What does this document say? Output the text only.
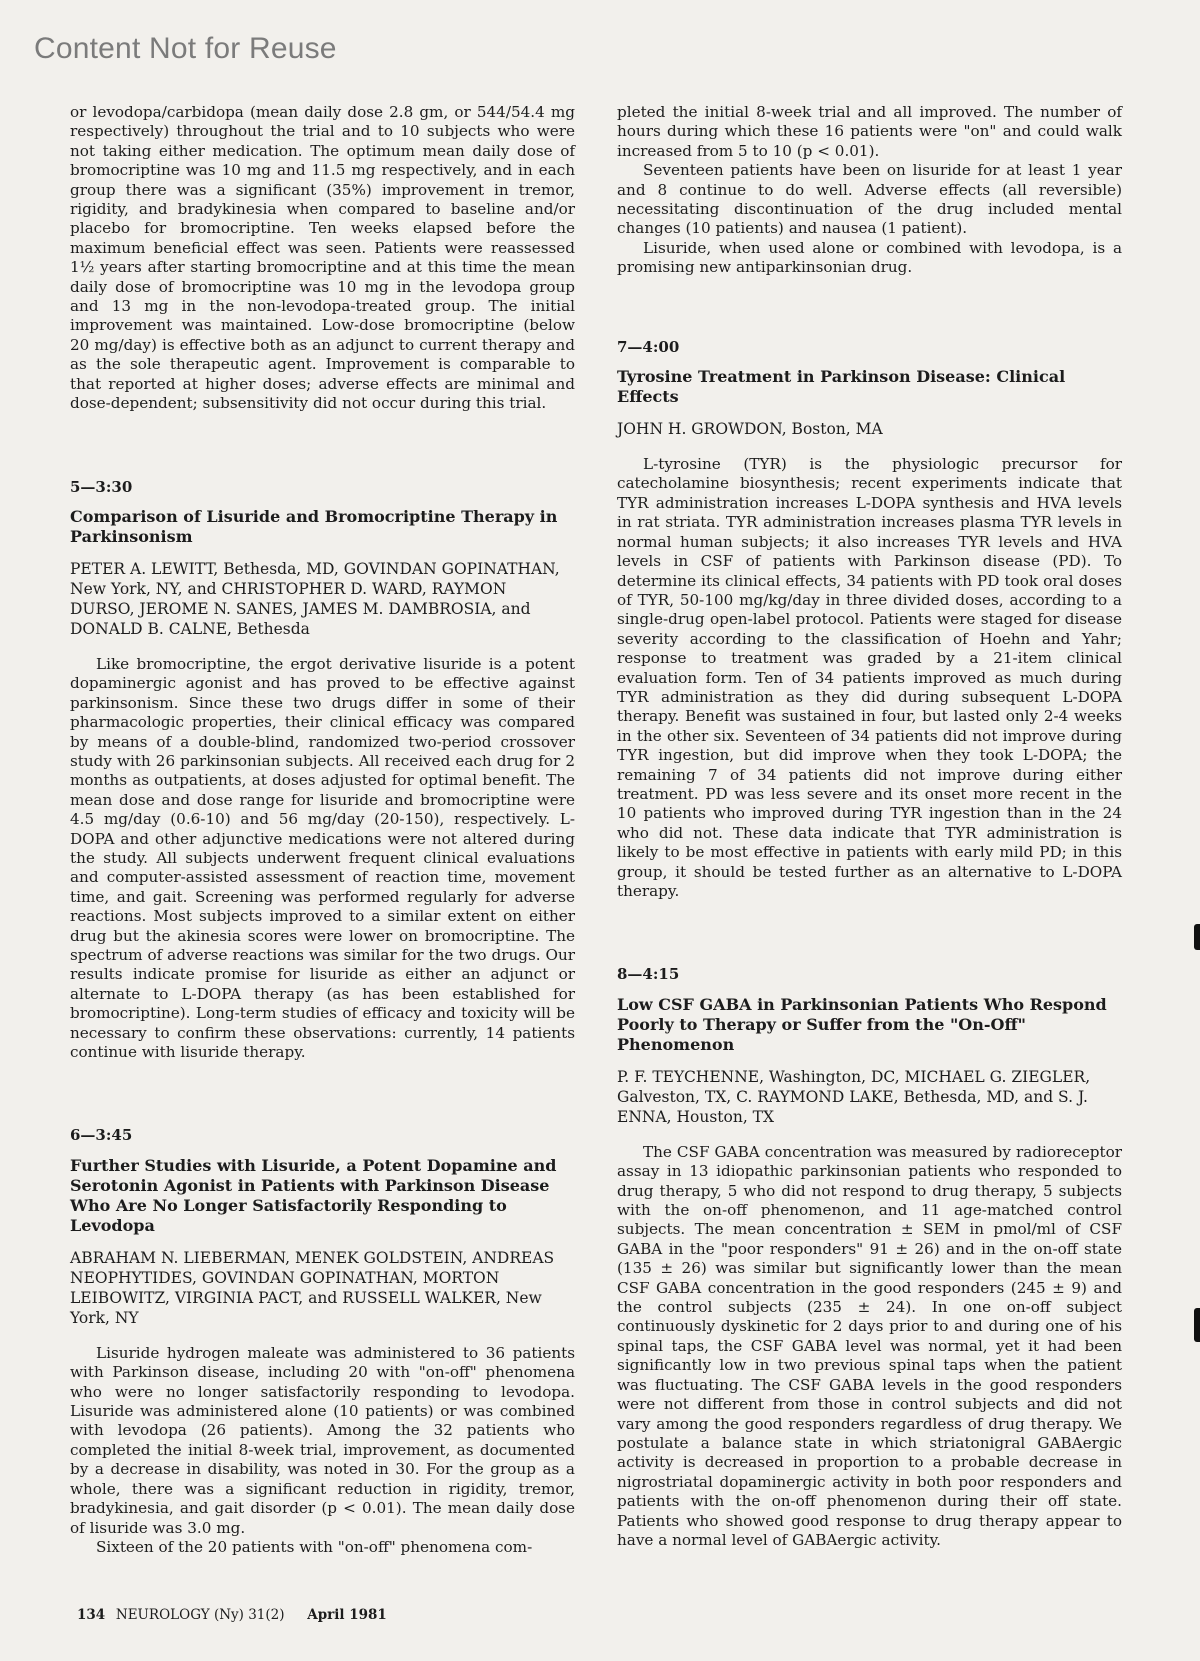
Content Not for Reuse

or levodopa/carbidopa (mean daily dose 2.8 gm, or 544/54.4 mg respectively) throughout the trial and to 10 subjects who were not taking either medication. The optimum mean daily dose of bromocriptine was 10 mg and 11.5 mg respectively, and in each group there was a significant (35%) improvement in tremor, rigidity, and bradykinesia when compared to baseline and/or placebo for bromocriptine. Ten weeks elapsed before the maximum beneficial effect was seen. Patients were reassessed 1½ years after starting bromocriptine and at this time the mean daily dose of bromocriptine was 10 mg in the levodopa group and 13 mg in the non-levodopa-treated group. The initial improvement was maintained. Low-dose bromocriptine (below 20 mg/day) is effective both as an adjunct to current therapy and as the sole therapeutic agent. Improvement is comparable to that reported at higher doses; adverse effects are minimal and dose-dependent; subsensitivity did not occur during this trial.

5—3:30
Comparison of Lisuride and Bromocriptine Therapy in Parkinsonism
PETER A. LEWITT, Bethesda, MD, GOVINDAN GOPINATHAN, New York, NY, and CHRISTOPHER D. WARD, RAYMON DURSO, JEROME N. SANES, JAMES M. DAMBROSIA, and DONALD B. CALNE, Bethesda

Like bromocriptine, the ergot derivative lisuride is a potent dopaminergic agonist and has proved to be effective against parkinsonism. Since these two drugs differ in some of their pharmacologic properties, their clinical efficacy was compared by means of a double-blind, randomized two-period crossover study with 26 parkinsonian subjects. All received each drug for 2 months as outpatients, at doses adjusted for optimal benefit. The mean dose and dose range for lisuride and bromocriptine were 4.5 mg/day (0.6-10) and 56 mg/day (20-150), respectively. L-DOPA and other adjunctive medications were not altered during the study. All subjects underwent frequent clinical evaluations and computer-assisted assessment of reaction time, movement time, and gait. Screening was performed regularly for adverse reactions. Most subjects improved to a similar extent on either drug but the akinesia scores were lower on bromocriptine. The spectrum of adverse reactions was similar for the two drugs. Our results indicate promise for lisuride as either an adjunct or alternate to L-DOPA therapy (as has been established for bromocriptine). Long-term studies of efficacy and toxicity will be necessary to confirm these observations: currently, 14 patients continue with lisuride therapy.

6—3:45
Further Studies with Lisuride, a Potent Dopamine and Serotonin Agonist in Patients with Parkinson Disease Who Are No Longer Satisfactorily Responding to Levodopa
ABRAHAM N. LIEBERMAN, MENEK GOLDSTEIN, ANDREAS NEOPHYTIDES, GOVINDAN GOPINATHAN, MORTON LEIBOWITZ, VIRGINIA PACT, and RUSSELL WALKER, New York, NY

Lisuride hydrogen maleate was administered to 36 patients with Parkinson disease, including 20 with "on-off" phenomena who were no longer satisfactorily responding to levodopa. Lisuride was administered alone (10 patients) or was combined with levodopa (26 patients). Among the 32 patients who completed the initial 8-week trial, improvement, as documented by a decrease in disability, was noted in 30. For the group as a whole, there was a significant reduction in rigidity, tremor, bradykinesia, and gait disorder (p < 0.01). The mean daily dose of lisuride was 3.0 mg.

Sixteen of the 20 patients with "on-off" phenomena com-

pleted the initial 8-week trial and all improved. The number of hours during which these 16 patients were "on" and could walk increased from 5 to 10 (p < 0.01).

Seventeen patients have been on lisuride for at least 1 year and 8 continue to do well. Adverse effects (all reversible) necessitating discontinuation of the drug included mental changes (10 patients) and nausea (1 patient).

Lisuride, when used alone or combined with levodopa, is a promising new antiparkinsonian drug.

7—4:00
Tyrosine Treatment in Parkinson Disease: Clinical Effects
JOHN H. GROWDON, Boston, MA

L-tyrosine (TYR) is the physiologic precursor for catecholamine biosynthesis; recent experiments indicate that TYR administration increases L-DOPA synthesis and HVA levels in rat striata. TYR administration increases plasma TYR levels in normal human subjects; it also increases TYR levels and HVA levels in CSF of patients with Parkinson disease (PD). To determine its clinical effects, 34 patients with PD took oral doses of TYR, 50-100 mg/kg/day in three divided doses, according to a single-drug open-label protocol. Patients were staged for disease severity according to the classification of Hoehn and Yahr; response to treatment was graded by a 21-item clinical evaluation form. Ten of 34 patients improved as much during TYR administration as they did during subsequent L-DOPA therapy. Benefit was sustained in four, but lasted only 2-4 weeks in the other six. Seventeen of 34 patients did not improve during TYR ingestion, but did improve when they took L-DOPA; the remaining 7 of 34 patients did not improve during either treatment. PD was less severe and its onset more recent in the 10 patients who improved during TYR ingestion than in the 24 who did not. These data indicate that TYR administration is likely to be most effective in patients with early mild PD; in this group, it should be tested further as an alternative to L-DOPA therapy.

8—4:15
Low CSF GABA in Parkinsonian Patients Who Respond Poorly to Therapy or Suffer from the "On-Off" Phenomenon
P. F. TEYCHENNE, Washington, DC, MICHAEL G. ZIEGLER, Galveston, TX, C. RAYMOND LAKE, Bethesda, MD, and S. J. ENNA, Houston, TX

The CSF GABA concentration was measured by radioreceptor assay in 13 idiopathic parkinsonian patients who responded to drug therapy, 5 who did not respond to drug therapy, 5 subjects with the on-off phenomenon, and 11 age-matched control subjects. The mean concentration ± SEM in pmol/ml of CSF GABA in the "poor responders" 91 ± 26) and in the on-off state (135 ± 26) was similar but significantly lower than the mean CSF GABA concentration in the good responders (245 ± 9) and the control subjects (235 ± 24). In one on-off subject continuously dyskinetic for 2 days prior to and during one of his spinal taps, the CSF GABA level was normal, yet it had been significantly low in two previous spinal taps when the patient was fluctuating. The CSF GABA levels in the good responders were not different from those in control subjects and did not vary among the good responders regardless of drug therapy. We postulate a balance state in which striatonigral GABAergic activity is decreased in proportion to a probable decrease in nigrostriatal dopaminergic activity in both poor responders and patients with the on-off phenomenon during their off state. Patients who showed good response to drug therapy appear to have a normal level of GABAergic activity.

134 NEUROLOGY (Ny) 31(2) April 1981
